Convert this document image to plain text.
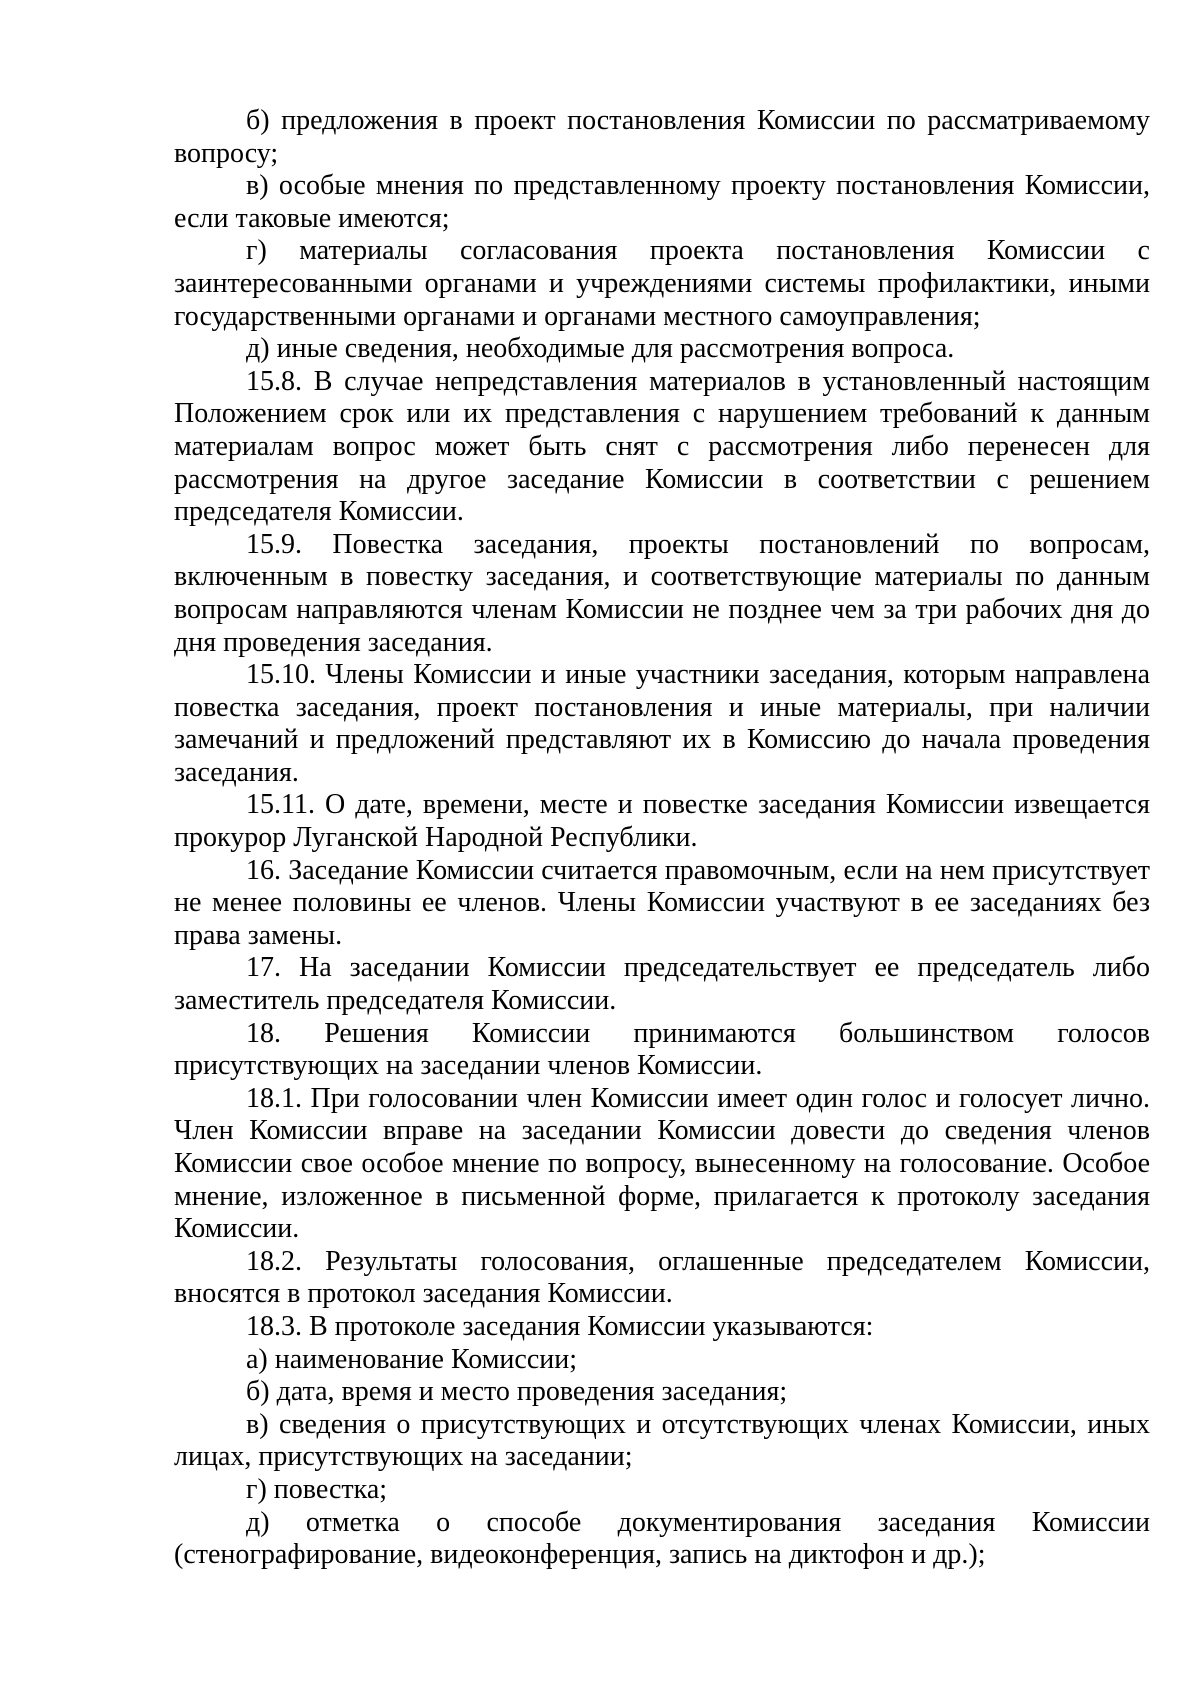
б) предложения в проект постановления Комиссии по рассматриваемому вопросу;

в) особые мнения по представленному проекту постановления Комиссии, если таковые имеются;

г) материалы согласования проекта постановления Комиссии с заинтересованными органами и учреждениями системы профилактики, иными государственными органами и органами местного самоуправления;

д) иные сведения, необходимые для рассмотрения вопроса.

15.8. В случае непредставления материалов в установленный настоящим Положением срок или их представления с нарушением требований к данным материалам вопрос может быть снят с рассмотрения либо перенесен для рассмотрения на другое заседание Комиссии в соответствии с решением председателя Комиссии.

15.9. Повестка заседания, проекты постановлений по вопросам, включенным в повестку заседания, и соответствующие материалы по данным вопросам направляются членам Комиссии не позднее чем за три рабочих дня до дня проведения заседания.

15.10. Члены Комиссии и иные участники заседания, которым направлена повестка заседания, проект постановления и иные материалы, при наличии замечаний и предложений представляют их в Комиссию до начала проведения заседания.

15.11. О дате, времени, месте и повестке заседания Комиссии извещается прокурор Луганской Народной Республики.

16. Заседание Комиссии считается правомочным, если на нем присутствует не менее половины ее членов. Члены Комиссии участвуют в ее заседаниях без права замены.

17. На заседании Комиссии председательствует ее председатель либо заместитель председателя Комиссии.

18. Решения Комиссии принимаются большинством голосов присутствующих на заседании членов Комиссии.

18.1. При голосовании член Комиссии имеет один голос и голосует лично. Член Комиссии вправе на заседании Комиссии довести до сведения членов Комиссии свое особое мнение по вопросу, вынесенному на голосование. Особое мнение, изложенное в письменной форме, прилагается к протоколу заседания Комиссии.

18.2. Результаты голосования, оглашенные председателем Комиссии, вносятся в протокол заседания Комиссии.

18.3. В протоколе заседания Комиссии указываются:

а) наименование Комиссии;

б) дата, время и место проведения заседания;

в) сведения о присутствующих и отсутствующих членах Комиссии, иных лицах, присутствующих на заседании;

г) повестка;

д) отметка о способе документирования заседания Комиссии (стенографирование, видеоконференция, запись на диктофон и др.);
